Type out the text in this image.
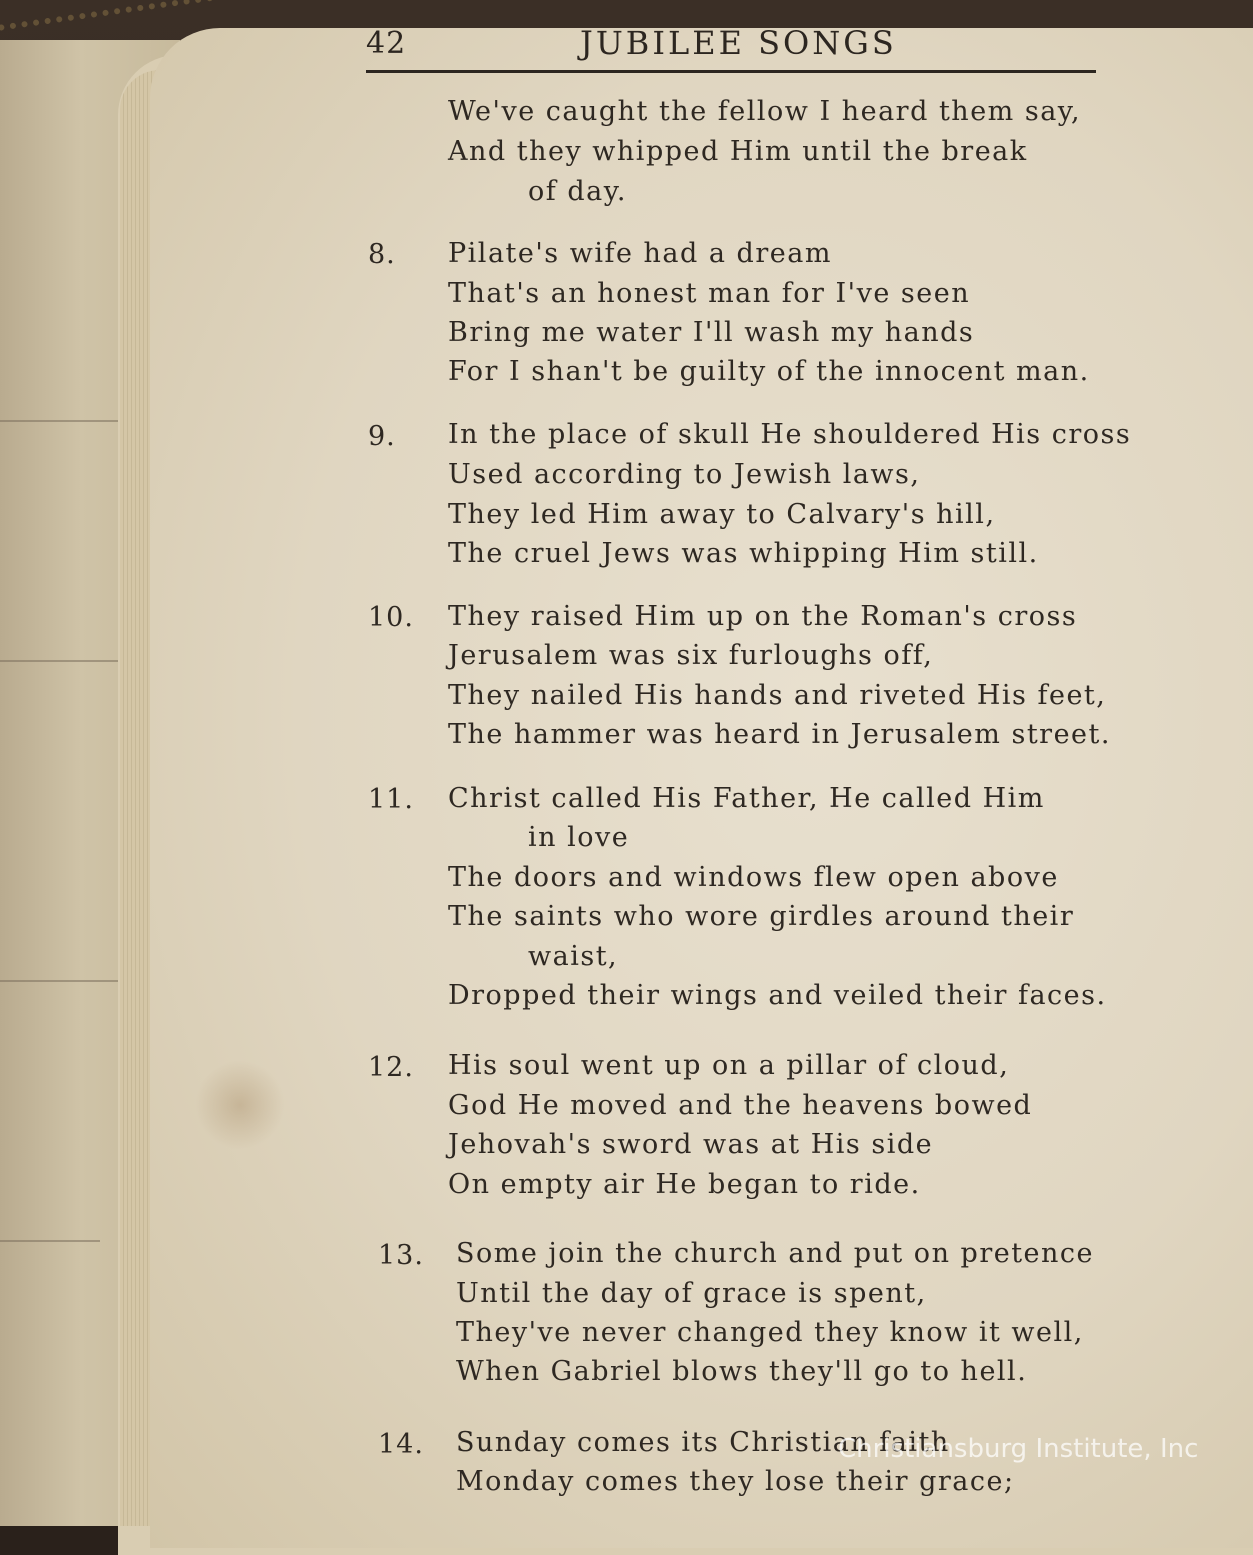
42	JUBILEE SONGS
We've caught the fellow I heard them say,
And they whipped Him until the break
of day.
8. Pilate's wife had a dream
That's an honest man for I've seen
Bring me water I'll wash my hands
For I shan't be guilty of the innocent man.
9. In the place of skull He shouldered His cross
Used according to Jewish laws,
They led Him away to Calvary's hill,
The cruel Jews was whipping Him still.
10. They raised Him up on the Roman's cross
Jerusalem was six furloughs off,
They nailed His hands and riveted His feet,
The hammer was heard in Jerusalem street.
11. Christ called His Father, He called Him
in love
The doors and windows flew open above
The saints who wore girdles around their
waist,
Dropped their wings and veiled their faces.
12. His soul went up on a pillar of cloud,
God He moved and the heavens bowed
Jehovah's sword was at His side
On empty air He began to ride.
13. Some join the church and put on pretence
Until the day of grace is spent,
They've never changed they know it well,
When Gabriel blows they'll go to hell.
14. Sunday comes its Christian faith
Monday comes they lose their grace;
Christiansburg Institute, Inc
